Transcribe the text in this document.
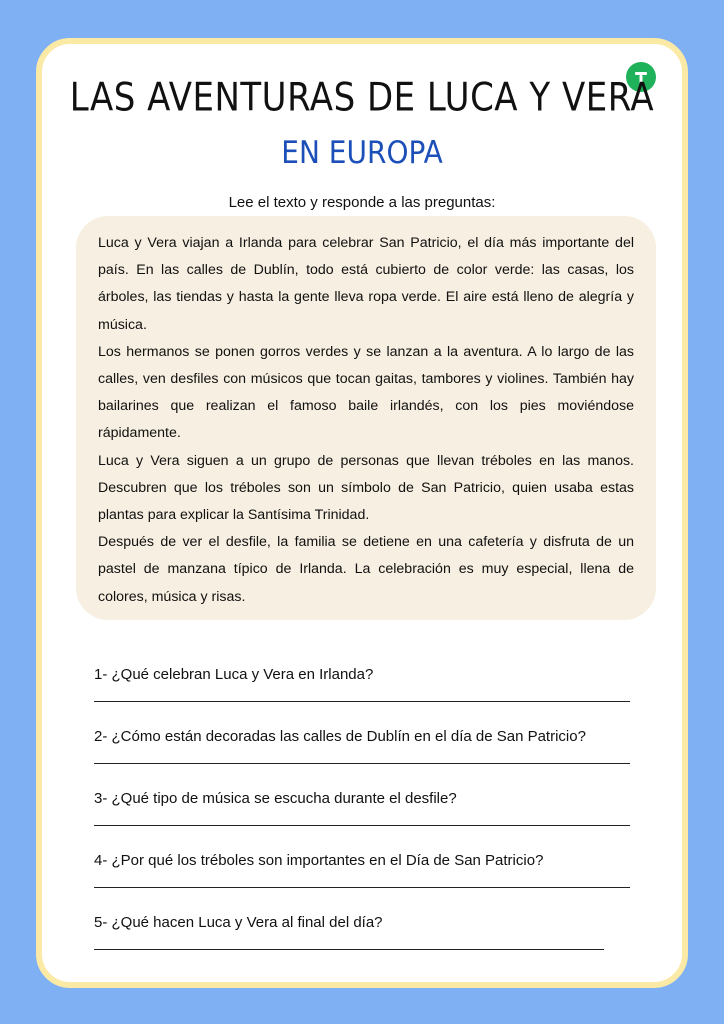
LAS AVENTURAS DE LUCA Y VERA
EN EUROPA
Lee el texto y responde a las preguntas:

Luca y Vera viajan a Irlanda para celebrar San Patricio, el día más importante del país. En las calles de Dublín, todo está cubierto de color verde: las casas, los árboles, las tiendas y hasta la gente lleva ropa verde. El aire está lleno de alegría y música.

Los hermanos se ponen gorros verdes y se lanzan a la aventura. A lo largo de las calles, ven desfiles con músicos que tocan gaitas, tambores y violines. También hay bailarines que realizan el famoso baile irlandés, con los pies moviéndose rápidamente.

Luca y Vera siguen a un grupo de personas que llevan tréboles en las manos. Descubren que los tréboles son un símbolo de San Patricio, quien usaba estas plantas para explicar la Santísima Trinidad.

Después de ver el desfile, la familia se detiene en una cafetería y disfruta de un pastel de manzana típico de Irlanda. La celebración es muy especial, llena de colores, música y risas.

1- ¿Qué celebran Luca y Vera en Irlanda?
2- ¿Cómo están decoradas las calles de Dublín en el día de San Patricio?
3- ¿Qué tipo de música se escucha durante el desfile?
4- ¿Por qué los tréboles son importantes en el Día de San Patricio?
5- ¿Qué hacen Luca y Vera al final del día?
